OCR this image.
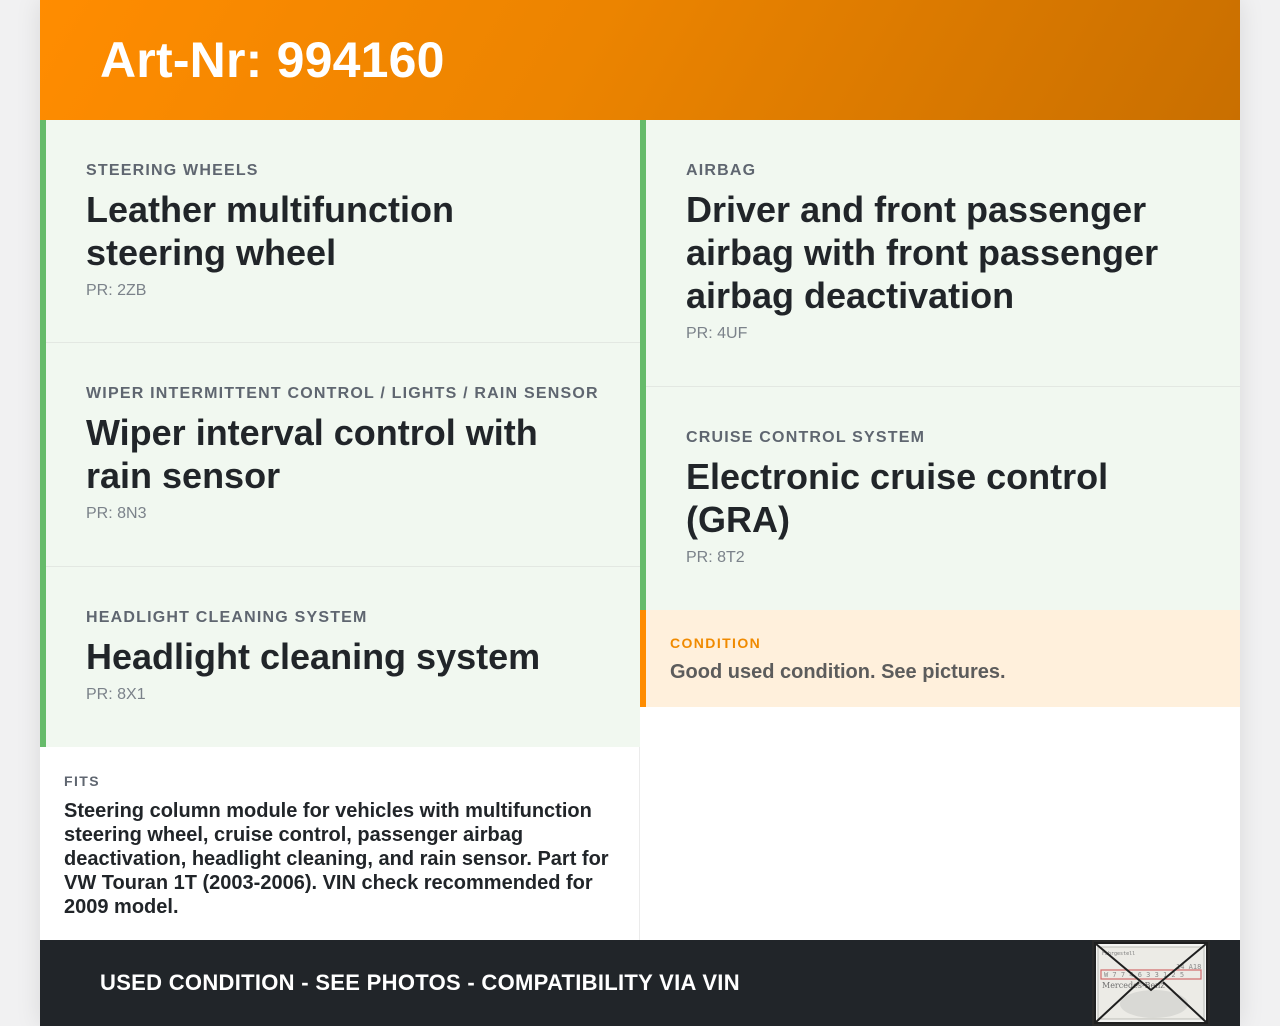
Art-Nr: 994160
STEERING WHEELS
Leather multifunction steering wheel
PR: 2ZB
WIPER INTERMITTENT CONTROL / LIGHTS / RAIN SENSOR
Wiper interval control with rain sensor
PR: 8N3
HEADLIGHT CLEANING SYSTEM
Headlight cleaning system
PR: 8X1
AIRBAG
Driver and front passenger airbag with front passenger airbag deactivation
PR: 4UF
CRUISE CONTROL SYSTEM
Electronic cruise control (GRA)
PR: 8T2
CONDITION
Good used condition. See pictures.
FITS
Steering column module for vehicles with multifunction steering wheel, cruise control, passenger airbag deactivation, headlight cleaning, and rain sensor. Part for VW Touran 1T (2003-2006). VIN check recommended for 2009 model.
USED CONDITION - SEE PHOTOS - COMPATIBILITY VIA VIN
Fahrgestell
W 7 7 4 6 3 3 1 2 5
14 A18
Mercedes-Benz
